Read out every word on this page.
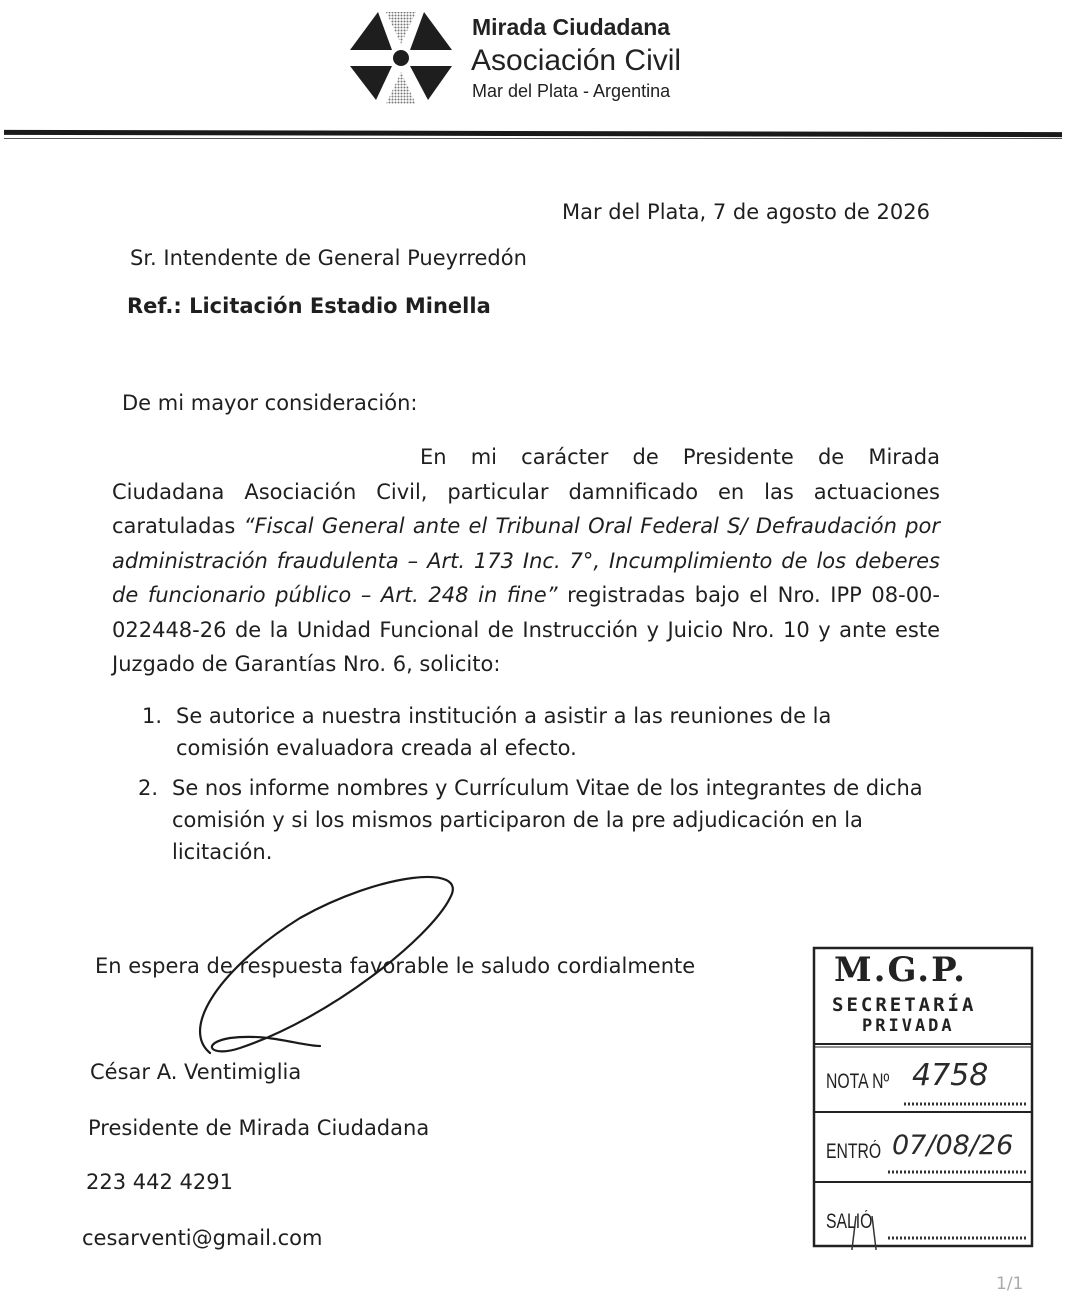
Mirada Ciudadana
Asociación Civil
Mar del Plata - Argentina
Mar del Plata, 7 de agosto de 2026
Sr. Intendente de General Pueyrredón
Ref.: Licitación Estadio Minella
De mi mayor consideración:
En mi carácter de Presidente de Mirada Ciudadana Asociación Civil, particular damnificado en las actuaciones caratuladas “Fiscal General ante el Tribunal Oral Federal S/ Defraudación por administración fraudulenta – Art. 173 Inc. 7°, Incumplimiento de los deberes de funcionario público – Art. 248 in fine” registradas bajo el Nro. IPP 08-00-022448-26 de la Unidad Funcional de Instrucción y Juicio Nro. 10 y ante este Juzgado de Garantías Nro. 6, solicito:
1. Se autorice a nuestra institución a asistir a las reuniones de la comisión evaluadora creada al efecto.
2. Se nos informe nombres y Currículum Vitae de los integrantes de dicha comisión y si los mismos participaron de la pre adjudicación en la licitación.
En espera de respuesta favorable le saludo cordialmente
César A. Ventimiglia
Presidente de Mirada Ciudadana
223 442 4291
cesarventi@gmail.com
M.G.P.
SECRETARÍA
PRIVADA
NOTA Nº 4758
ENTRÓ 07/08/26
SALIÓ
1/1
